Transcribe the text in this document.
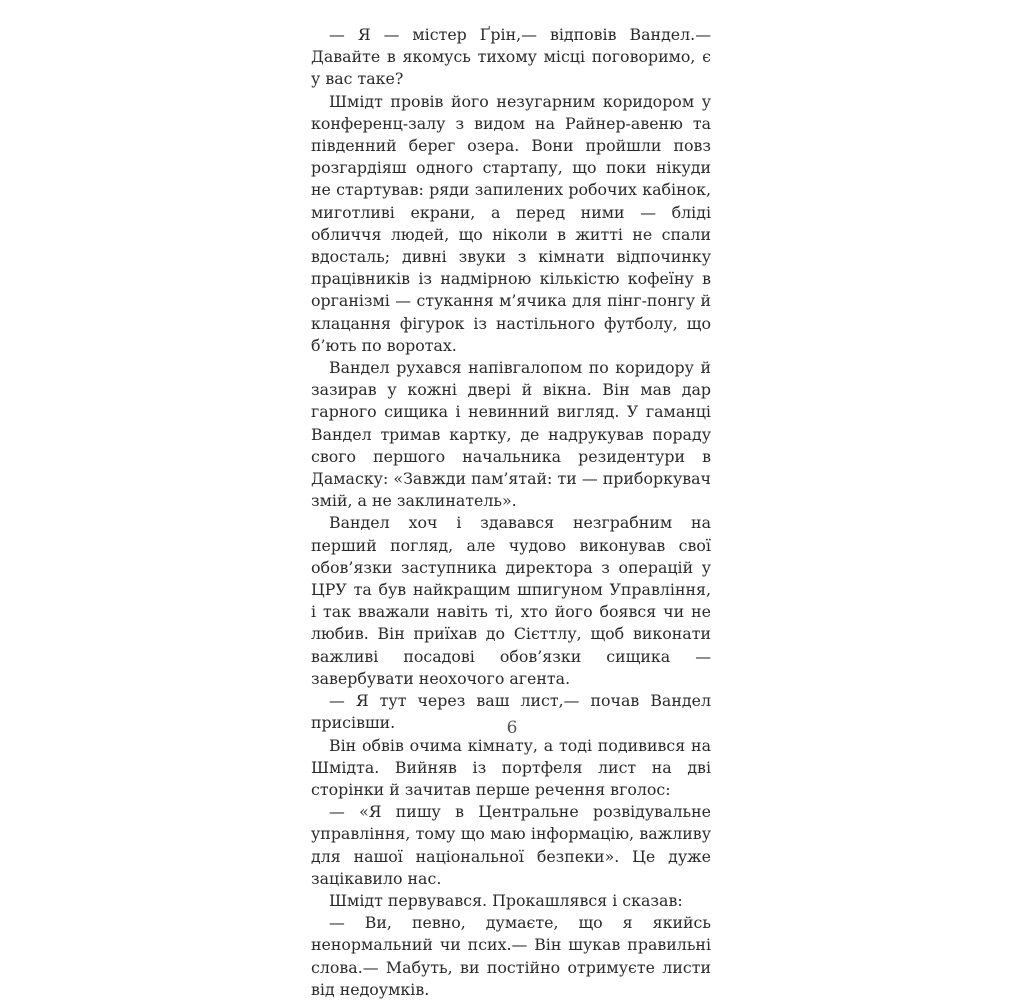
— Я — містер Ґрін,— відповів Вандел.— Давайте в якомусь тихому місці поговоримо, є у вас таке?

Шмідт провів його незугарним коридором у конференц-залу з видом на Райнер-авеню та південний берег озера. Вони пройшли повз розгардіяш одного стартапу, що поки нікуди не стартував: ряди запилених робочих кабінок, миготливі екрани, а перед ними — бліді обличчя людей, що ніколи в житті не спали вдосталь; дивні звуки з кімнати відпочинку працівників із надмірною кількістю кофеїну в організмі — стукання м’ячика для пінг-понгу й клацання фігурок із настільного футболу, що б’ють по воротах.

Вандел рухався напівгалопом по коридору й зазирав у кожні двері й вікна. Він мав дар гарного сищика і невинний вигляд. У гаманці Вандел тримав картку, де надрукував пораду свого першого начальника резидентури в Дамаску: «Завжди пам’ятай: ти — приборкувач змій, а не заклинатель».

Вандел хоч і здавався незграбним на перший погляд, але чудово виконував свої обов’язки заступника директора з операцій у ЦРУ та був найкращим шпигуном Управління, і так вважали навіть ті, хто його боявся чи не любив. Він приїхав до Сієттлу, щоб виконати важливі посадові обов’язки сищика — завербувати неохочого агента.

— Я тут через ваш лист,— почав Вандел присівши.

Він обвів очима кімнату, а тоді подивився на Шмідта. Вийняв із портфеля лист на дві сторінки й зачитав перше речення вголос:

— «Я пишу в Центральне розвідувальне управління, тому що маю інформацію, важливу для нашої національної безпеки». Це дуже зацікавило нас.

Шмідт первувався. Прокашлявся і сказав:

— Ви, певно, думаєте, що я якийсь ненормальний чи псих.— Він шукав правильні слова.— Мабуть, ви постійно отримуєте листи від недоумків.

6
